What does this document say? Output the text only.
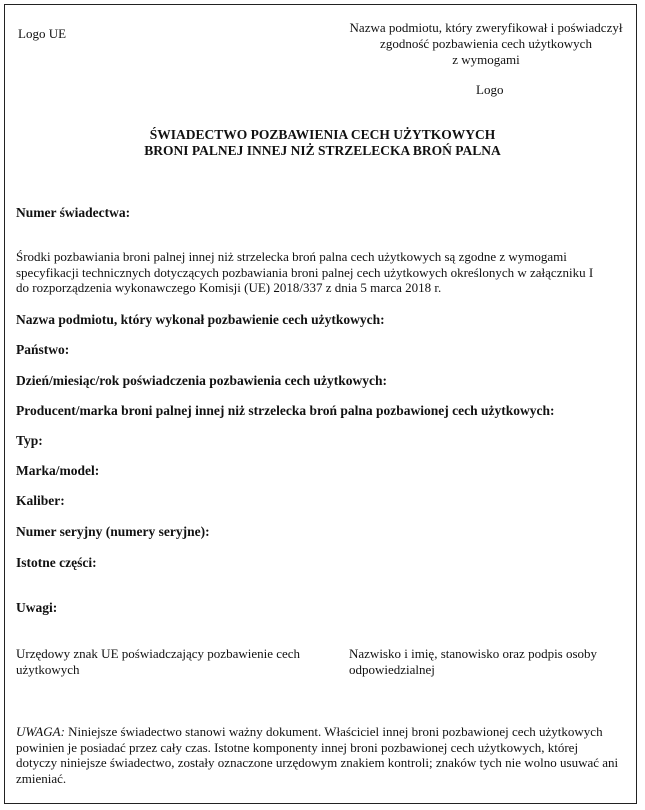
Logo UE	Nazwa podmiotu, który zweryfikował i poświadczył
zgodność pozbawienia cech użytkowych
z wymogami
Logo
ŚWIADECTWO POZBAWIENIA CECH UŻYTKOWYCH
BRONI PALNEJ INNEJ NIŻ STRZELECKA BROŃ PALNA
Numer świadectwa:
Środki pozbawiania broni palnej innej niż strzelecka broń palna cech użytkowych są zgodne z wymogami
specyfikacji technicznych dotyczących pozbawiania broni palnej cech użytkowych określonych w załączniku I
do rozporządzenia wykonawczego Komisji (UE) 2018/337 z dnia 5 marca 2018 r.
Nazwa podmiotu, który wykonał pozbawienie cech użytkowych:
Państwo:
Dzień/miesiąc/rok poświadczenia pozbawienia cech użytkowych:
Producent/marka broni palnej innej niż strzelecka broń palna pozbawionej cech użytkowych:
Typ:
Marka/model:
Kaliber:
Numer seryjny (numery seryjne):
Istotne części:
Uwagi:
Urzędowy znak UE poświadczający pozbawienie cech
użytkowych
Nazwisko i imię, stanowisko oraz podpis osoby
odpowiedzialnej
UWAGA: Niniejsze świadectwo stanowi ważny dokument. Właściciel innej broni pozbawionej cech użytkowych
powinien je posiadać przez cały czas. Istotne komponenty innej broni pozbawionej cech użytkowych, której
dotyczy niniejsze świadectwo, zostały oznaczone urzędowym znakiem kontroli; znaków tych nie wolno usuwać ani
zmieniać.
